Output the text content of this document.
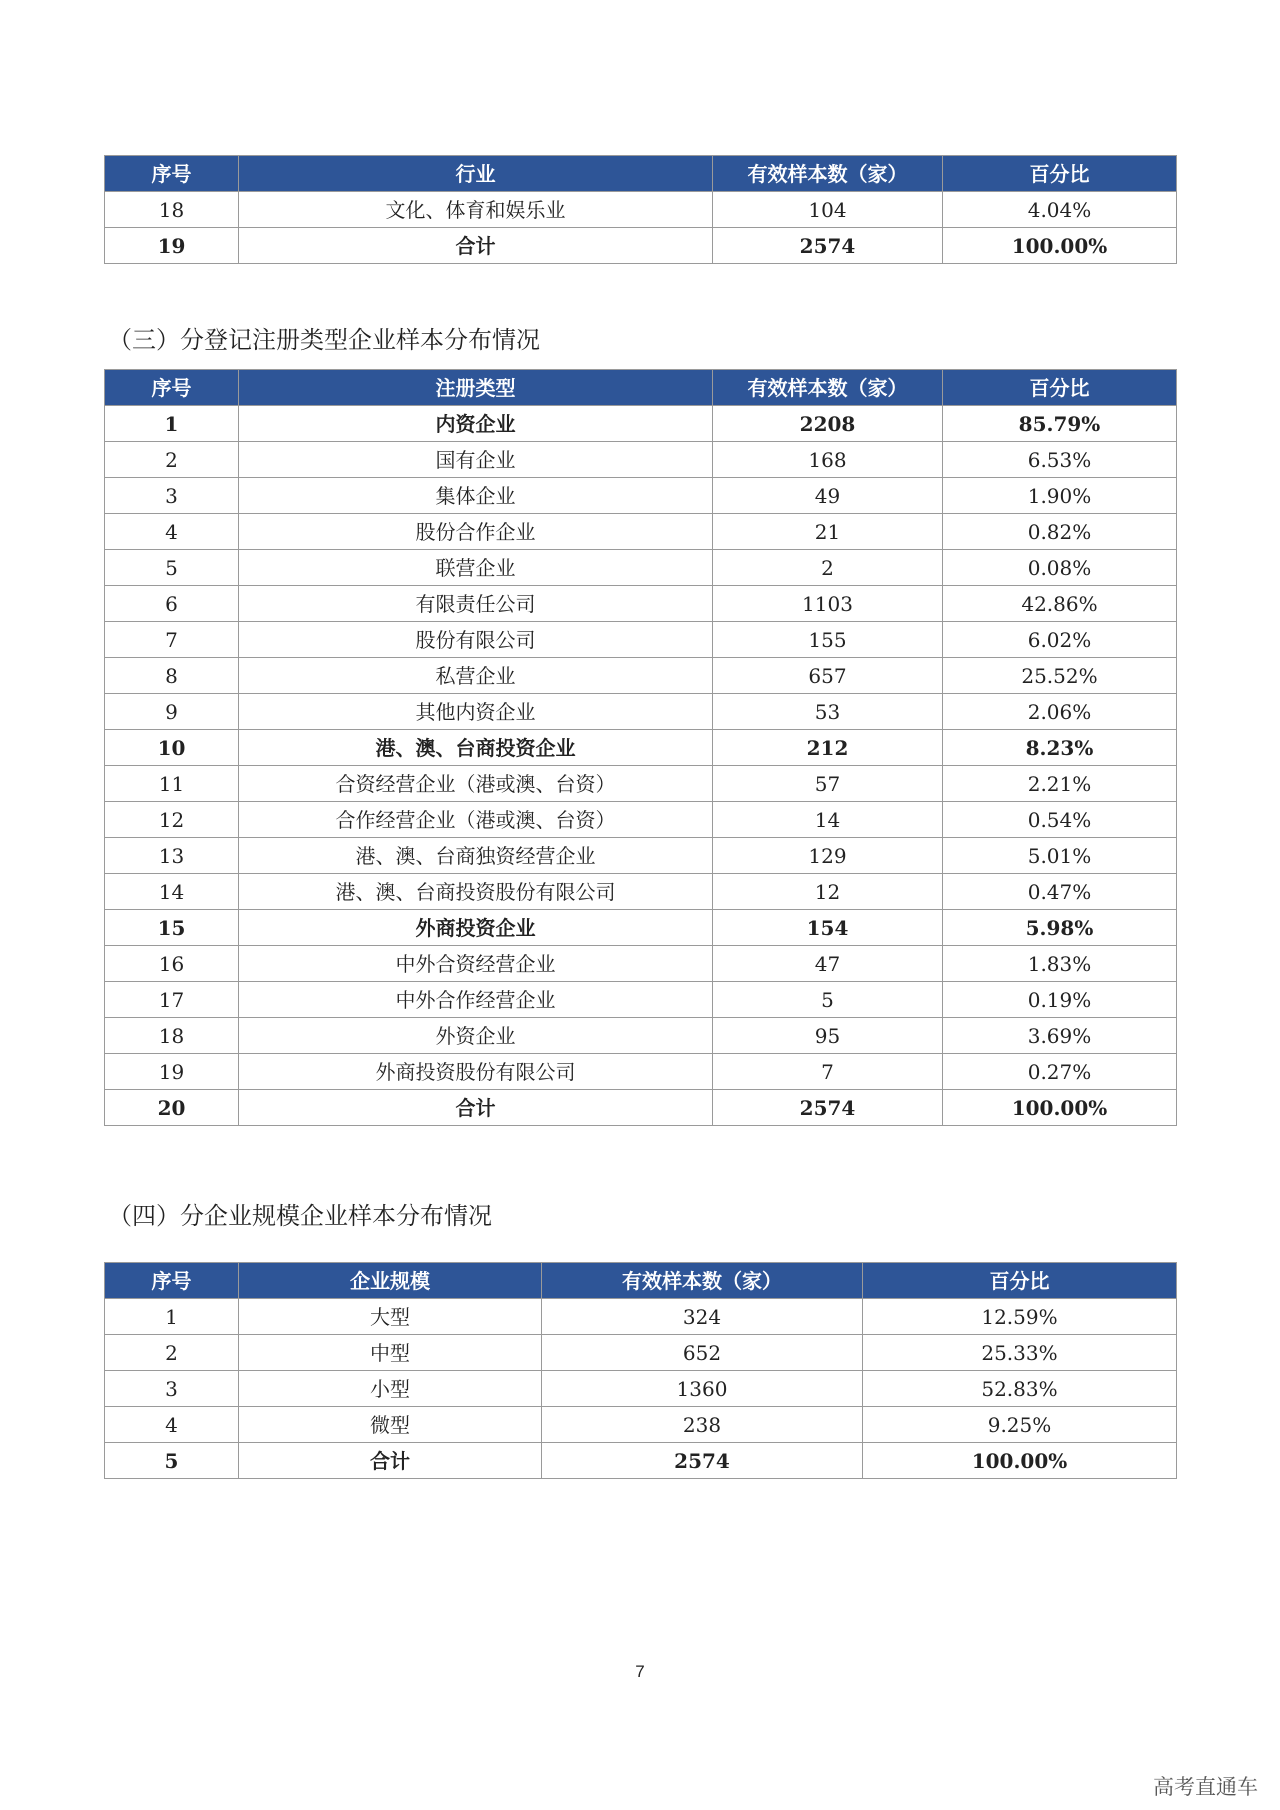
序号	行业	有效样本数（家）	百分比
18	文化、体育和娱乐业	104	4.04%
19	合计	2574	100.00%
（三）分登记注册类型企业样本分布情况
序号	注册类型	有效样本数（家）	百分比
1	内资企业	2208	85.79%
2	国有企业	168	6.53%
3	集体企业	49	1.90%
4	股份合作企业	21	0.82%
5	联营企业	2	0.08%
6	有限责任公司	1103	42.86%
7	股份有限公司	155	6.02%
8	私营企业	657	25.52%
9	其他内资企业	53	2.06%
10	港、澳、台商投资企业	212	8.23%
11	合资经营企业（港或澳、台资）	57	2.21%
12	合作经营企业（港或澳、台资）	14	0.54%
13	港、澳、台商独资经营企业	129	5.01%
14	港、澳、台商投资股份有限公司	12	0.47%
15	外商投资企业	154	5.98%
16	中外合资经营企业	47	1.83%
17	中外合作经营企业	5	0.19%
18	外资企业	95	3.69%
19	外商投资股份有限公司	7	0.27%
20	合计	2574	100.00%
（四）分企业规模企业样本分布情况
序号	企业规模	有效样本数（家）	百分比
1	大型	324	12.59%
2	中型	652	25.33%
3	小型	1360	52.83%
4	微型	238	9.25%
5	合计	2574	100.00%
7
高考直通车
